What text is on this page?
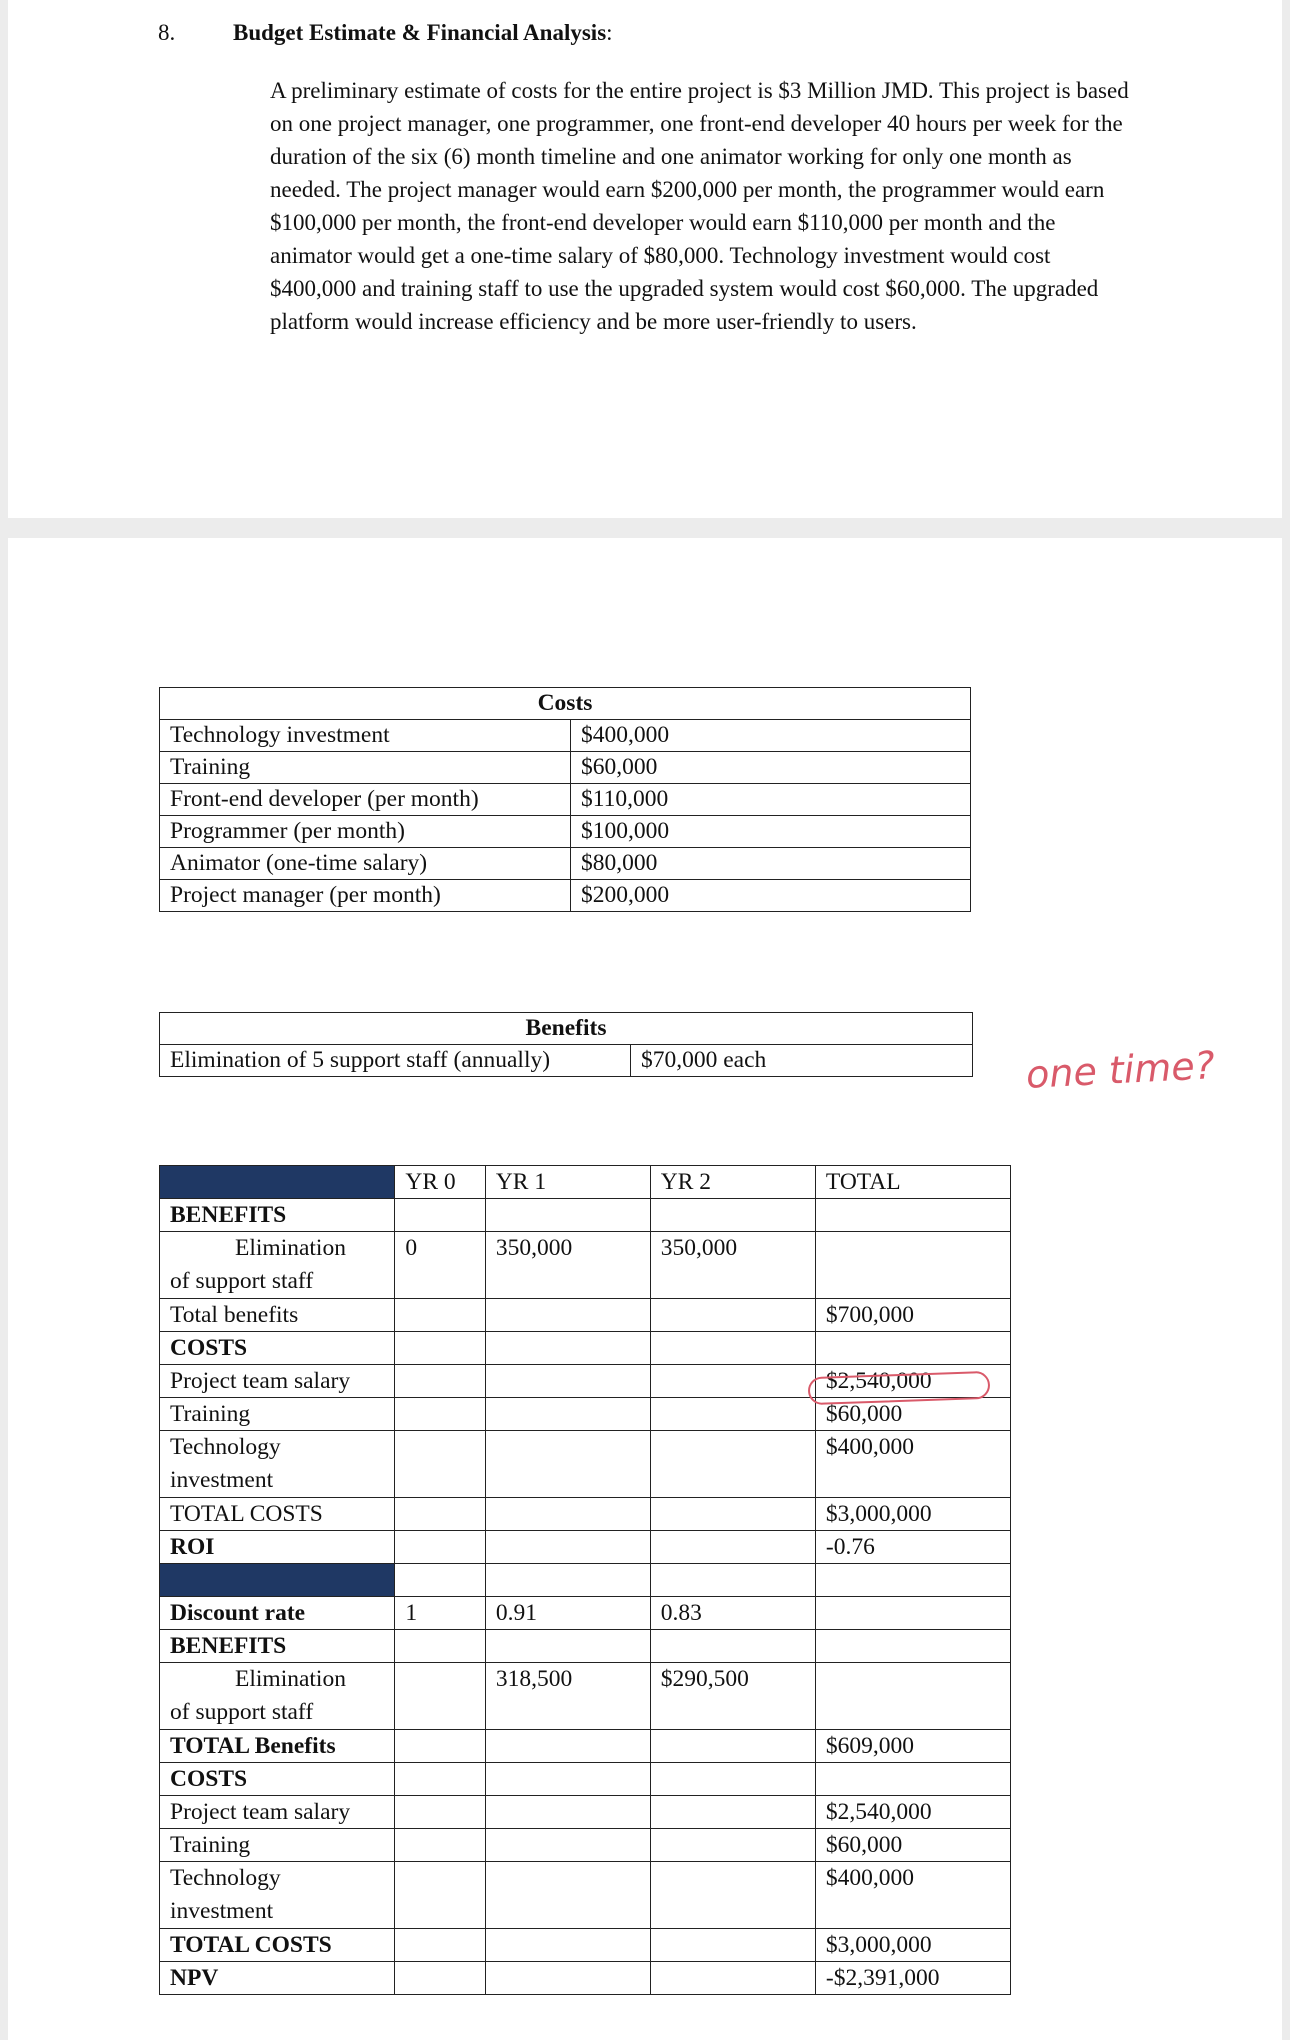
8.	Budget Estimate & Financial Analysis:

A preliminary estimate of costs for the entire project is $3 Million JMD. This project is based on one project manager, one programmer, one front-end developer 40 hours per week for the duration of the six (6) month timeline and one animator working for only one month as needed. The project manager would earn $200,000 per month, the programmer would earn $100,000 per month, the front-end developer would earn $110,000 per month and the animator would get a one-time salary of $80,000. Technology investment would cost $400,000 and training staff to use the upgraded system would cost $60,000. The upgraded platform would increase efficiency and be more user-friendly to users.

Costs	
Technology investment	$400,000
Training	$60,000
Front-end developer (per month)	$110,000
Programmer (per month)	$100,000
Animator (one-time salary)	$80,000
Project manager (per month)	$200,000
Benefits
Elimination of 5 support staff (annually)	$70,000 each
	YR 0	YR 1	YR 2	TOTAL
BENEFITS				

Elimination
of support staff	0	350,000	350,000	
Total benefits				$700,000
COSTS				
Project team salary				$2,540,000
Training				$60,000

Technology
investment				$400,000
TOTAL COSTS				$3,000,000
ROI				-0.76

Discount rate	1	0.91	0.83	
BENEFITS				

Elimination
of support staff		318,500	$290,500	
TOTAL Benefits				$609,000
COSTS				
Project team salary				$2,540,000
Training				$60,000

Technology
investment				$400,000
TOTAL COSTS				$3,000,000
NPV				-$2,391,000
one time?
